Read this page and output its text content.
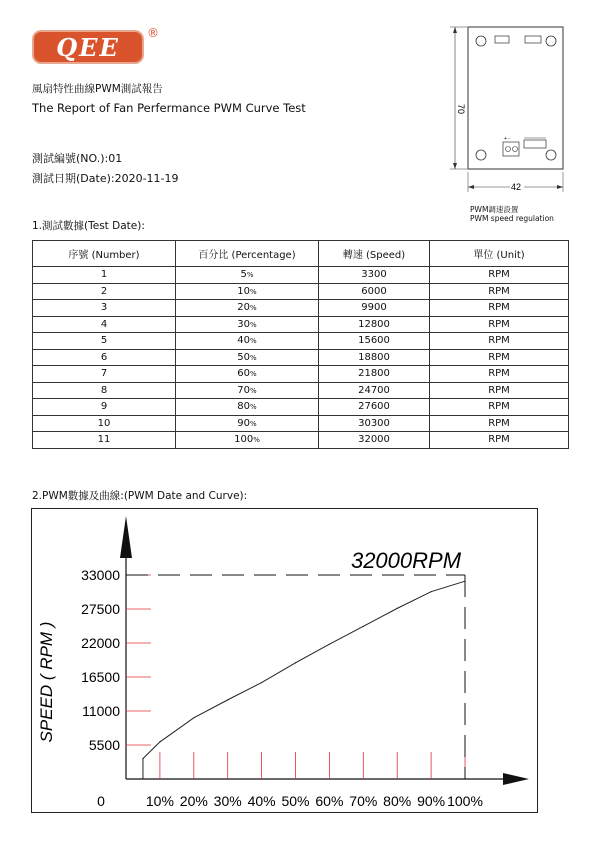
QEE	®
風扇特性曲線PWM測試報告
The Report of Fan Perfermance PWM Curve Test
測試編號(NO.):01
測試日期(Date):2020-11-19
+ -
70
42
PWM調速設置
PWM speed regulation
1.測試數據(Test Date):
序號 (Number)	百分比 (Percentage)	轉速 (Speed)	單位 (Unit)
1	5%	3300	RPM
2	10%	6000	RPM
3	20%	9900	RPM
4	30%	12800	RPM
5	40%	15600	RPM
6	50%	18800	RPM
7	60%	21800	RPM
8	70%	24700	RPM
9	80%	27600	RPM
10	90%	30300	RPM
11	100%	32000	RPM
2.PWM數據及曲線:(PWM Date and Curve):
5500
11000
16500
22000
27500
33000
10% 20% 30% 40% 50% 60% 70% 80% 90% 100%
0
32000RPM
SPEED ( RPM )
